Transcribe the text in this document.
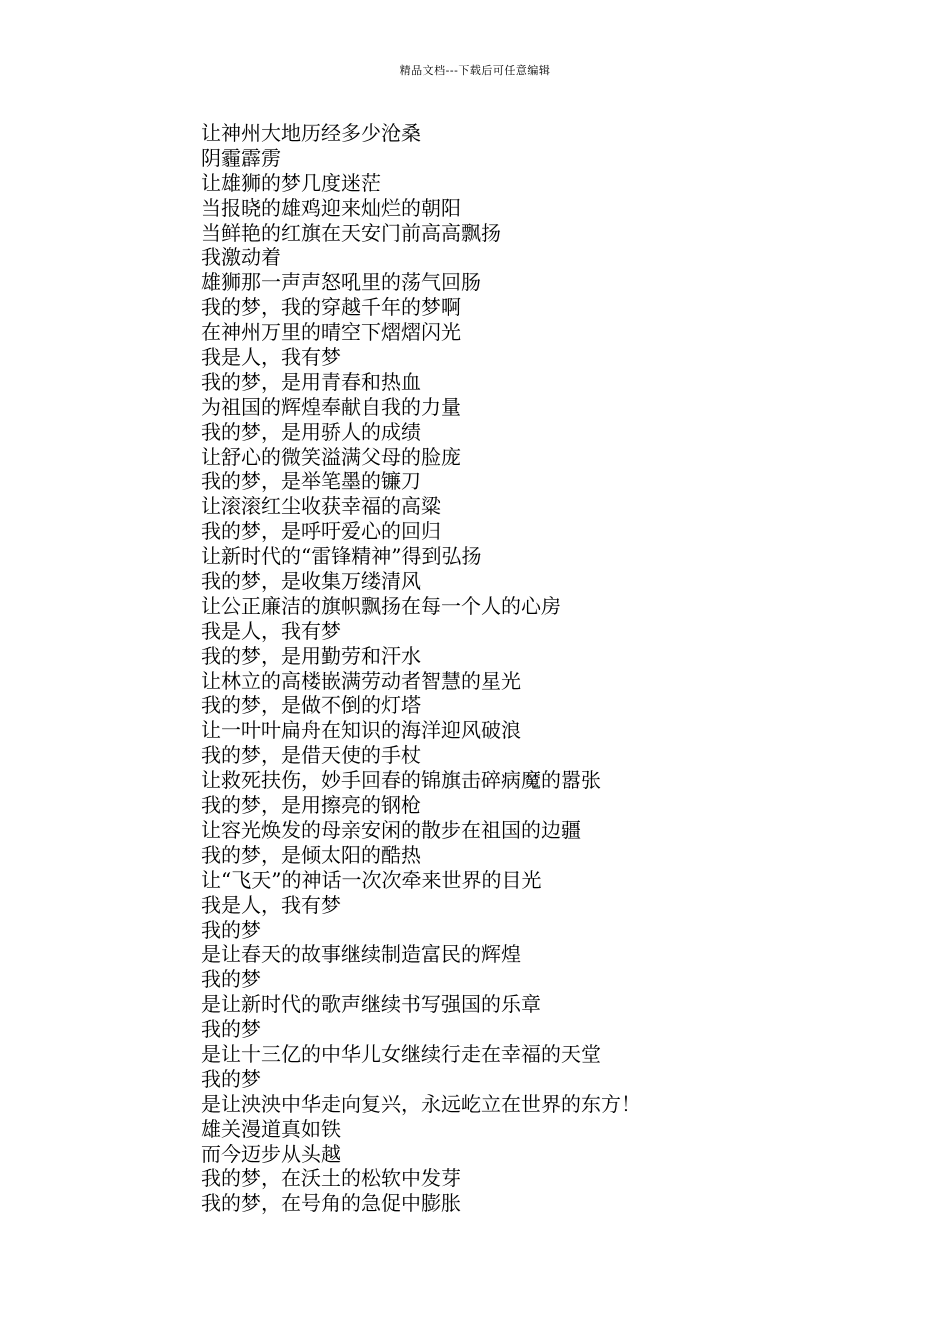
精品文档---下载后可任意编辑
让神州大地历经多少沧桑
阴霾霹雳
让雄狮的梦几度迷茫
当报晓的雄鸡迎来灿烂的朝阳
当鲜艳的红旗在天安门前高高飘扬
我激动着
雄狮那一声声怒吼里的荡气回肠
我的梦，我的穿越千年的梦啊
在神州万里的晴空下熠熠闪光
我是人，我有梦
我的梦，是用青春和热血
为祖国的辉煌奉献自我的力量
我的梦，是用骄人的成绩
让舒心的微笑溢满父母的脸庞
我的梦，是举笔墨的镰刀
让滚滚红尘收获幸福的高粱
我的梦，是呼吁爱心的回归
让新时代的“雷锋精神”得到弘扬
我的梦，是收集万缕清风
让公正廉洁的旗帜飘扬在每一个人的心房
我是人，我有梦
我的梦，是用勤劳和汗水
让林立的高楼嵌满劳动者智慧的星光
我的梦，是做不倒的灯塔
让一叶叶扁舟在知识的海洋迎风破浪
我的梦，是借天使的手杖
让救死扶伤，妙手回春的锦旗击碎病魔的嚣张
我的梦，是用擦亮的钢枪
让容光焕发的母亲安闲的散步在祖国的边疆
我的梦，是倾太阳的酷热
让“飞天”的神话一次次牵来世界的目光
我是人，我有梦
我的梦
是让春天的故事继续制造富民的辉煌
我的梦
是让新时代的歌声继续书写强国的乐章
我的梦
是让十三亿的中华儿女继续行走在幸福的天堂
我的梦
是让泱泱中华走向复兴，永远屹立在世界的东方！
雄关漫道真如铁
而今迈步从头越
我的梦，在沃土的松软中发芽
我的梦，在号角的急促中膨胀
